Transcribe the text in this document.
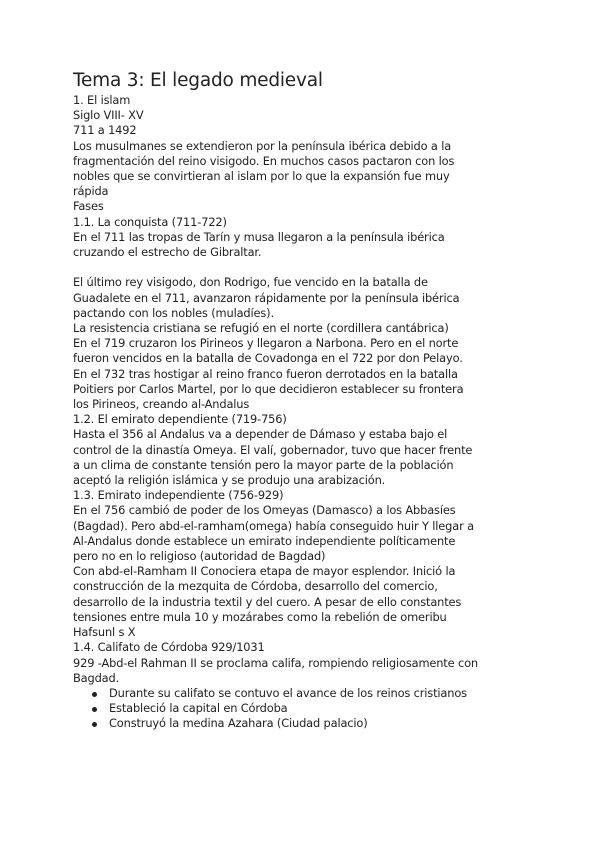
Tema 3: El legado medieval

1. El islam

Siglo VIII- XV

711 a 1492

Los musulmanes se extendieron por la península ibérica debido a la

fragmentación del reino visigodo. En muchos casos pactaron con los

nobles que se convirtieran al islam por lo que la expansión fue muy

rápida

Fases

1.1. La conquista (711-722)

En el 711 las tropas de Tarín y musa llegaron a la península ibérica

cruzando el estrecho de Gibraltar.

El último rey visigodo, don Rodrigo, fue vencido en la batalla de

Guadalete en el 711, avanzaron rápidamente por la península ibérica

pactando con los nobles (muladíes).

La resistencia cristiana se refugió en el norte (cordillera cantábrica)

En el 719 cruzaron los Pirineos y llegaron a Narbona. Pero en el norte

fueron vencidos en la batalla de Covadonga en el 722 por don Pelayo.

En el 732 tras hostigar al reino franco fueron derrotados en la batalla

Poitiers por Carlos Martel, por lo que decidieron establecer su frontera

los Pirineos, creando al-Andalus

1.2. El emirato dependiente (719-756)

Hasta el 356 al Andalus va a depender de Dámaso y estaba bajo el

control de la dinastía Omeya. El valí, gobernador, tuvo que hacer frente

a un clima de constante tensión pero la mayor parte de la población

aceptó la religión islámica y se produjo una arabización.

1.3. Emirato independiente (756-929)

En el 756 cambió de poder de los Omeyas (Damasco) a los Abbasíes

(Bagdad). Pero abd-el-ramham(omega) había conseguido huir Y llegar a

Al-Andalus donde establece un emirato independiente políticamente

pero no en lo religioso (autoridad de Bagdad)

Con abd-el-Ramham II Conociera etapa de mayor esplendor. Inició la

construcción de la mezquita de Córdoba, desarrollo del comercio,

desarrollo de la industria textil y del cuero. A pesar de ello constantes

tensiones entre mula 10 y mozárabes como la rebelión de omeribu

Hafsunl s X

1.4. Califato de Córdoba 929/1031

929 -Abd-el Rahman II se proclama califa, rompiendo religiosamente con

Bagdad.

Durante su califato se contuvo el avance de los reinos cristianos
Estableció la capital en Córdoba
Construyó la medina Azahara (Ciudad palacio)
